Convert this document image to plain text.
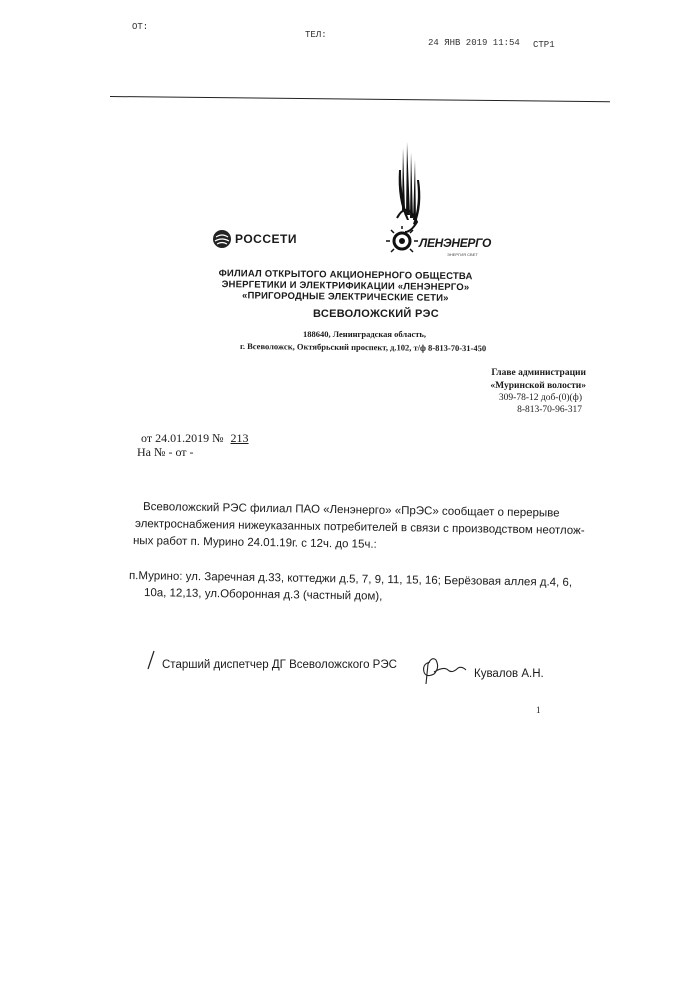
ОТ:
ТЕЛ:
24 ЯНВ 2019 11:54 СТР1
РОССЕТИ	ЛЕНЭНЕРГО
ЭНЕРГИЯ СВЕТ
ФИЛИАЛ ОТКРЫТОГО АКЦИОНЕРНОГО ОБЩЕСТВА
ЭНЕРГЕТИКИ И ЭЛЕКТРИФИКАЦИИ «ЛЕНЭНЕРГО»
«ПРИГОРОДНЫЕ ЭЛЕКТРИЧЕСКИЕ СЕТИ»
ВСЕВОЛОЖСКИЙ РЭС
188640, Ленинградская область,
г. Всеволожск, Октябрьский проспект, д.102, т/ф 8-813-70-31-450
Главе администрации
«Муринской волости»
309-78-12 доб-(0)(ф)
8-813-70-96-317
от 24.01.2019 № 213
На № - от -
Всеволожский РЭС филиал ПАО «Ленэнерго» «ПрЭС» сообщает о перерыве
электроснабжения нижеуказанных потребителей в связи с производством неотлож-
ных работ п. Мурино 24.01.19г. с 12ч. до 15ч.:
п.Мурино: ул. Заречная д.33, коттеджи д.5, 7, 9, 11, 15, 16; Берёзовая аллея д.4, 6,
10а, 12,13, ул.Оборонная д.3 (частный дом),
Старший диспетчер ДГ Всеволожского РЭС
Кувалов А.Н.
1
